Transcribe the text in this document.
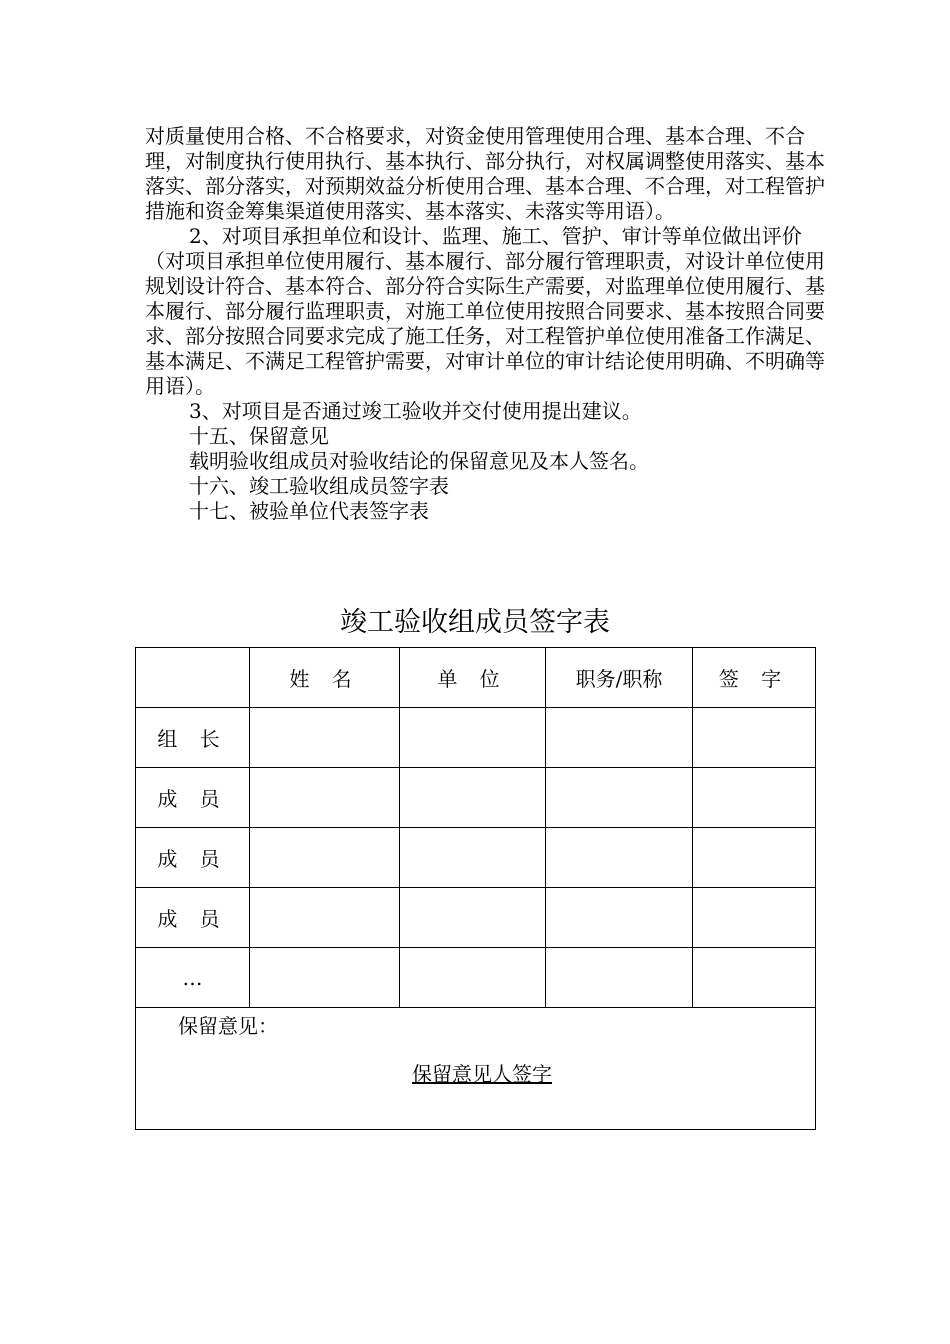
对质量使用合格、不合格要求，对资金使用管理使用合理、基本合理、不合理，对制度执行使用执行、基本执行、部分执行，对权属调整使用落实、基本落实、部分落实，对预期效益分析使用合理、基本合理、不合理，对工程管护措施和资金筹集渠道使用落实、基本落实、未落实等用语）。

2、对项目承担单位和设计、监理、施工、管护、审计等单位做出评价（对项目承担单位使用履行、基本履行、部分履行管理职责，对设计单位使用规划设计符合、基本符合、部分符合实际生产需要，对监理单位使用履行、基本履行、部分履行监理职责，对施工单位使用按照合同要求、基本按照合同要求、部分按照合同要求完成了施工任务，对工程管护单位使用准备工作满足、基本满足、不满足工程管护需要，对审计单位的审计结论使用明确、不明确等用语）。

3、对项目是否通过竣工验收并交付使用提出建议。

十五、保留意见

载明验收组成员对验收结论的保留意见及本人签名。

十六、竣工验收组成员签字表

十七、被验单位代表签字表

竣工验收组成员签字表
	姓 名	单 位	职务/职称	签 字
组 长				
成 员				
成 员				
成 员				
…				

保留意见：
保留意见人签字				
